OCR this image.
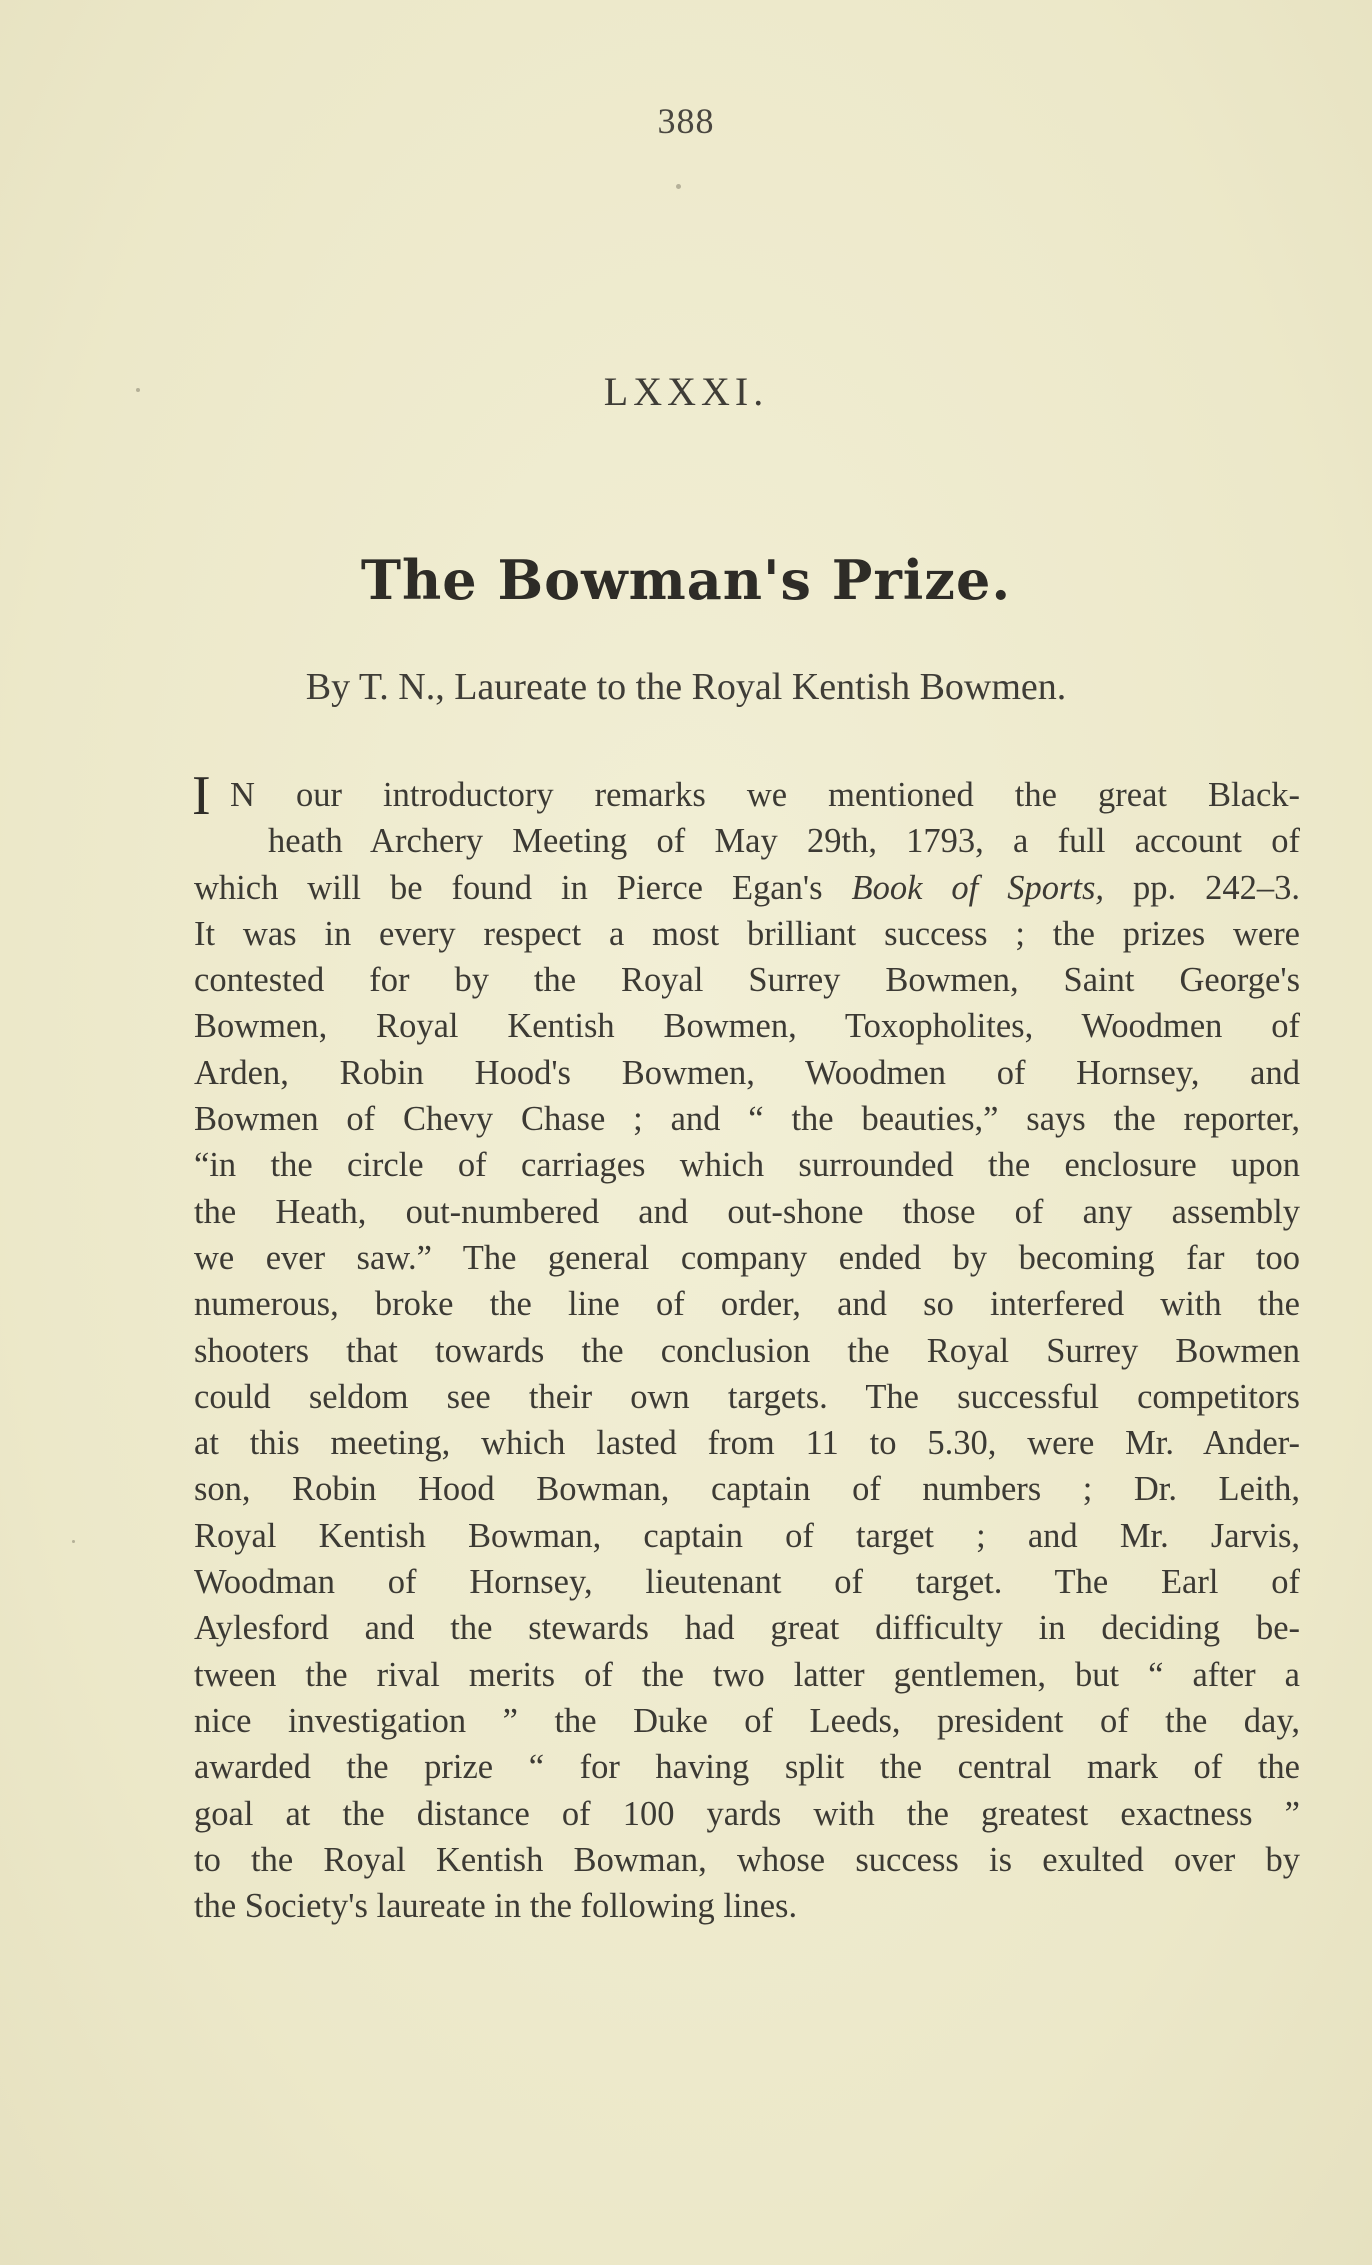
388
LXXXI.
The Bowman's Prize.
By T. N., Laureate to the Royal Kentish Bowmen.
I N our introductory remarks we mentioned the great Black-
heath Archery Meeting of May 29th, 1793, a full account of
which will be found in Pierce Egan's Book of Sports, pp. 242–3.
It was in every respect a most brilliant success ; the prizes were
contested for by the Royal Surrey Bowmen, Saint George's
Bowmen, Royal Kentish Bowmen, Toxopholites, Woodmen of
Arden, Robin Hood's Bowmen, Woodmen of Hornsey, and
Bowmen of Chevy Chase ; and “ the beauties,” says the reporter,
“in the circle of carriages which surrounded the enclosure upon
the Heath, out-numbered and out-shone those of any assembly
we ever saw.” The general company ended by becoming far too
numerous, broke the line of order, and so interfered with the
shooters that towards the conclusion the Royal Surrey Bowmen
could seldom see their own targets. The successful competitors
at this meeting, which lasted from 11 to 5.30, were Mr. Ander-
son, Robin Hood Bowman, captain of numbers ; Dr. Leith,
Royal Kentish Bowman, captain of target ; and Mr. Jarvis,
Woodman of Hornsey, lieutenant of target. The Earl of
Aylesford and the stewards had great difficulty in deciding be-
tween the rival merits of the two latter gentlemen, but “ after a
nice investigation ” the Duke of Leeds, president of the day,
awarded the prize “ for having split the central mark of the
goal at the distance of 100 yards with the greatest exactness ”
to the Royal Kentish Bowman, whose success is exulted over by
the Society's laureate in the following lines.
